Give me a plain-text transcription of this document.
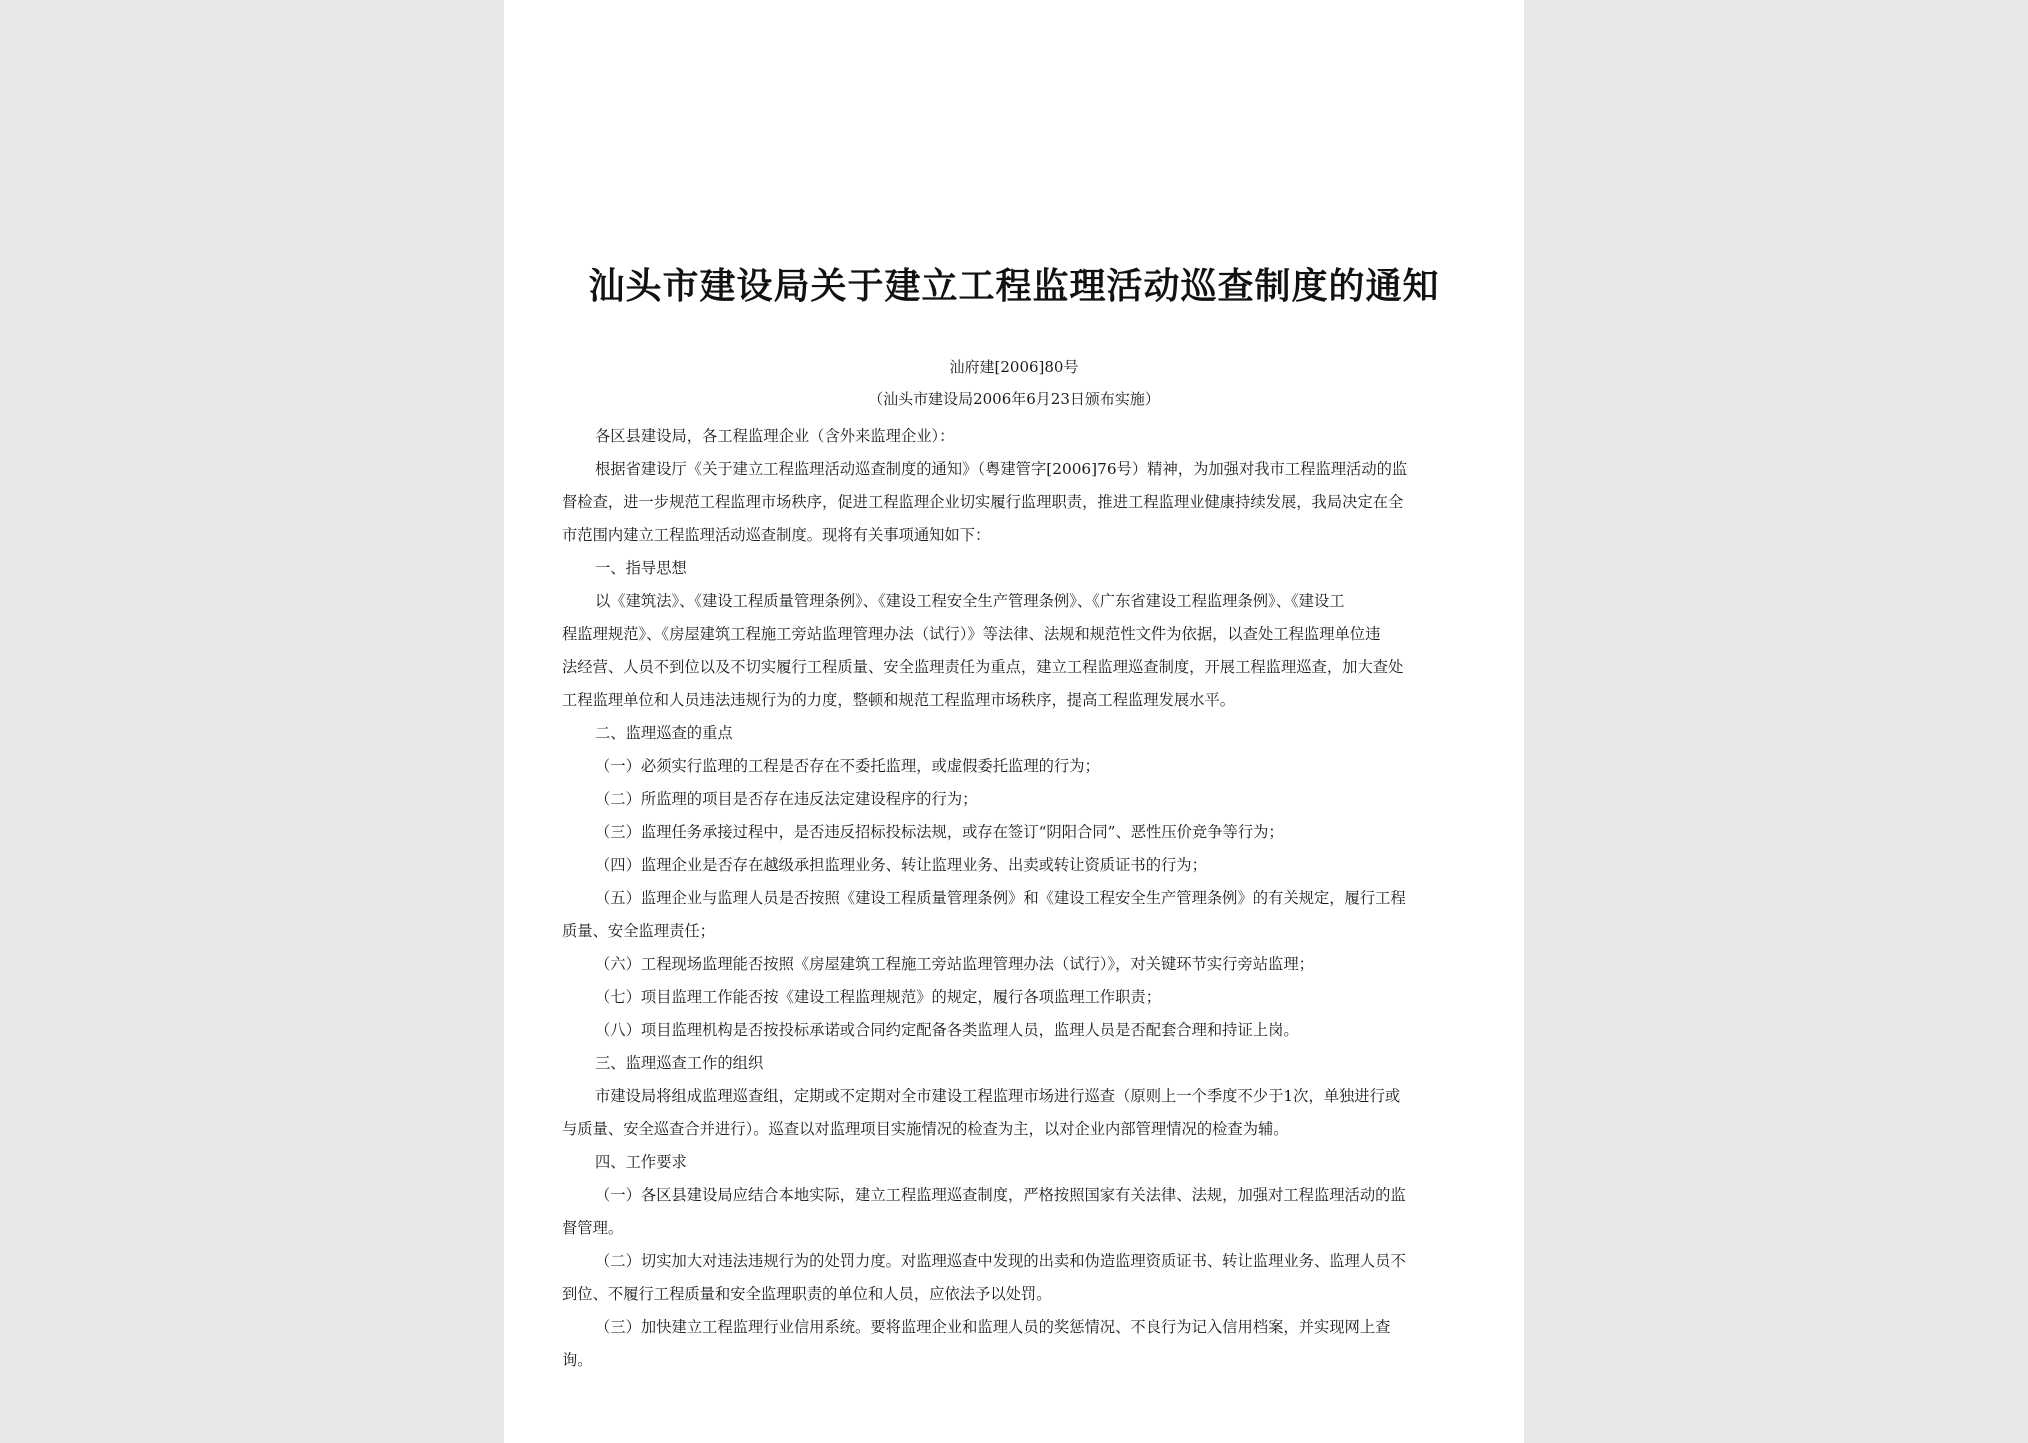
汕头市建设局关于建立工程监理活动巡查制度的通知
汕府建[2006]80号
（汕头市建设局2006年6月23日颁布实施）
各区县建设局，各工程监理企业（含外来监理企业）：
根据省建设厅《关于建立工程监理活动巡查制度的通知》（粤建管字[2006]76号）精神，为加强对我市工程监理活动的监
督检查，进一步规范工程监理市场秩序，促进工程监理企业切实履行监理职责，推进工程监理业健康持续发展，我局决定在全
市范围内建立工程监理活动巡查制度。现将有关事项通知如下：
一、指导思想
以《建筑法》、《建设工程质量管理条例》、《建设工程安全生产管理条例》、《广东省建设工程监理条例》、《建设工
程监理规范》、《房屋建筑工程施工旁站监理管理办法（试行）》等法律、法规和规范性文件为依据，以查处工程监理单位违
法经营、人员不到位以及不切实履行工程质量、安全监理责任为重点，建立工程监理巡查制度，开展工程监理巡查，加大查处
工程监理单位和人员违法违规行为的力度，整顿和规范工程监理市场秩序，提高工程监理发展水平。
二、监理巡查的重点
（一）必须实行监理的工程是否存在不委托监理，或虚假委托监理的行为；
（二）所监理的项目是否存在违反法定建设程序的行为；
（三）监理任务承接过程中，是否违反招标投标法规，或存在签订“阴阳合同”、恶性压价竞争等行为；
（四）监理企业是否存在越级承担监理业务、转让监理业务、出卖或转让资质证书的行为；
（五）监理企业与监理人员是否按照《建设工程质量管理条例》和《建设工程安全生产管理条例》的有关规定，履行工程
质量、安全监理责任；
（六）工程现场监理能否按照《房屋建筑工程施工旁站监理管理办法（试行）》，对关键环节实行旁站监理；
（七）项目监理工作能否按《建设工程监理规范》的规定，履行各项监理工作职责；
（八）项目监理机构是否按投标承诺或合同约定配备各类监理人员，监理人员是否配套合理和持证上岗。
三、监理巡查工作的组织
市建设局将组成监理巡查组，定期或不定期对全市建设工程监理市场进行巡查（原则上一个季度不少于1次，单独进行或
与质量、安全巡查合并进行）。巡查以对监理项目实施情况的检查为主，以对企业内部管理情况的检查为辅。
四、工作要求
（一）各区县建设局应结合本地实际，建立工程监理巡查制度，严格按照国家有关法律、法规，加强对工程监理活动的监
督管理。
（二）切实加大对违法违规行为的处罚力度。对监理巡查中发现的出卖和伪造监理资质证书、转让监理业务、监理人员不
到位、不履行工程质量和安全监理职责的单位和人员，应依法予以处罚。
（三）加快建立工程监理行业信用系统。要将监理企业和监理人员的奖惩情况、不良行为记入信用档案，并实现网上查
询。
